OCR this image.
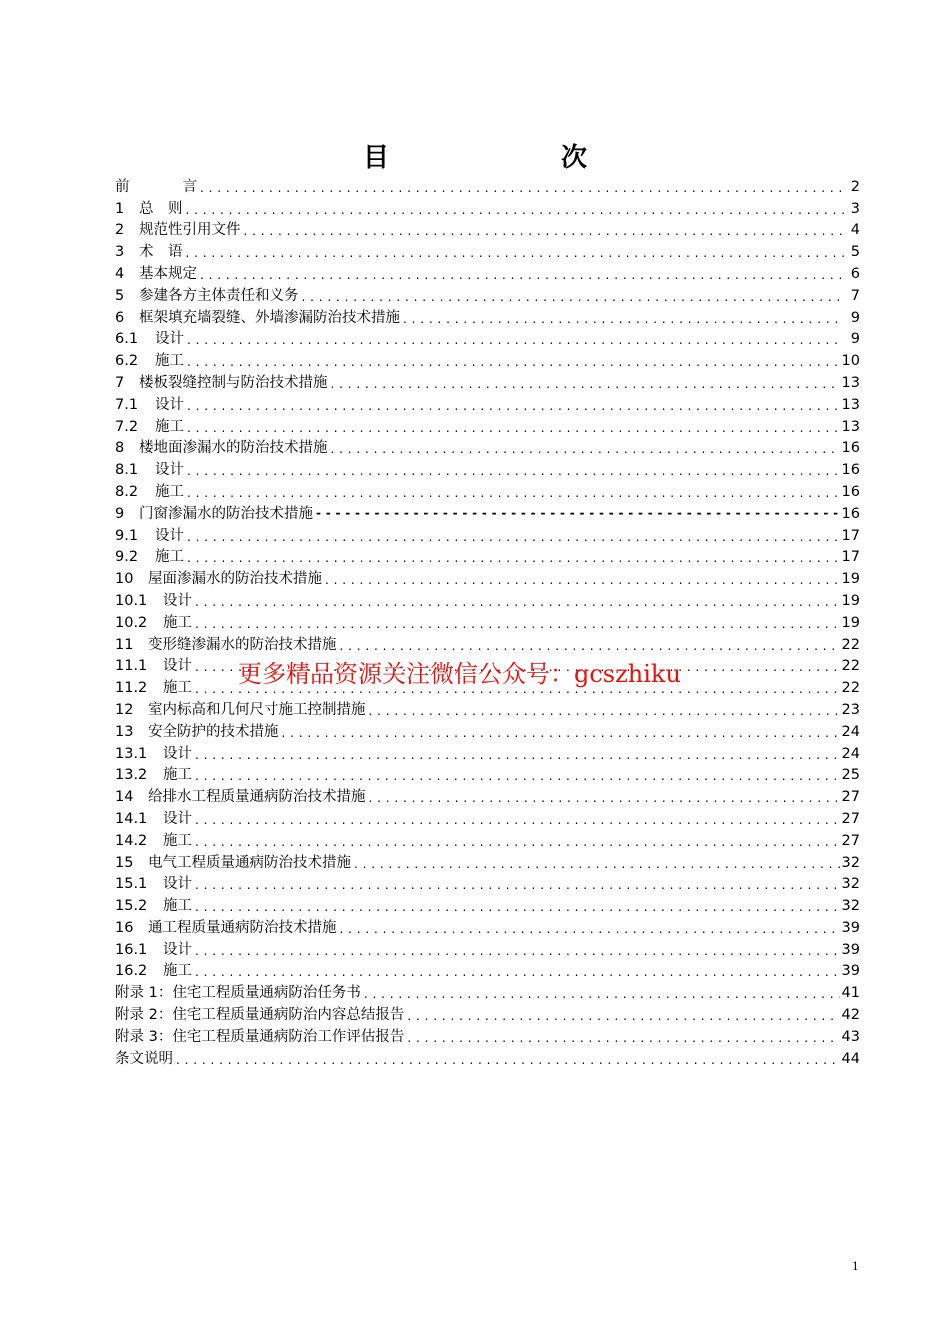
目　　次
前 　　　言 . . .	2
1	总　则 . . .	3
2	规范性引用文件 . . .	4
3	术　语 . . .	5
4	基本规定 . . .	6
5	参建各方主体责任和义务 . . .	7
6	框架填充墙裂缝、外墙渗漏防治技术措施 . . .	9
6.1	设计 . . .	9
6.2	施工 . . .	10
7	楼板裂缝控制与防治技术措施 . . .	13
7.1	设计 . . .	13
7.2	施工 . . .	13
8	楼地面渗漏水的防治技术措施 . . .	16
8.1	设计 . . .	16
8.2	施工 . . .	16
9	门窗渗漏水的防治技术措施 - - -	16
9.1	设计 . . .	17
9.2	施工 . . .	17
10	屋面渗漏水的防治技术措施 . . .	19
10.1	设计 . . .	19
10.2	施工 . . .	19
11	变形缝渗漏水的防治技术措施 . . .	22
11.1	设计 . . .	22
11.2	施工 . . .	22
12	室内标高和几何尺寸施工控制措施 . . .	23
13	安全防护的技术措施 . . .	24
13.1	设计 . . .	24
13.2	施工 . . .	25
14	给排水工程质量通病防治技术措施 . . .	27
14.1	设计 . . .	27
14.2	施工 . . .	27
15	电气工程质量通病防治技术措施 . . .	32
15.1	设计 . . .	32
15.2	施工 . . .	32
16	通工程质量通病防治技术措施 . . .	39
16.1	设计 . . .	39
16.2	施工 . . .	39
附录 1：住宅工程质量通病防治任务书 . . .	41
附录 2：住宅工程质量通病防治内容总结报告 . . .	42
附录 3：住宅工程质量通病防治工作评估报告 . . .	43
条文说明 . . .	44
更多精品资源关注微信公众号：gcszhiku
1
